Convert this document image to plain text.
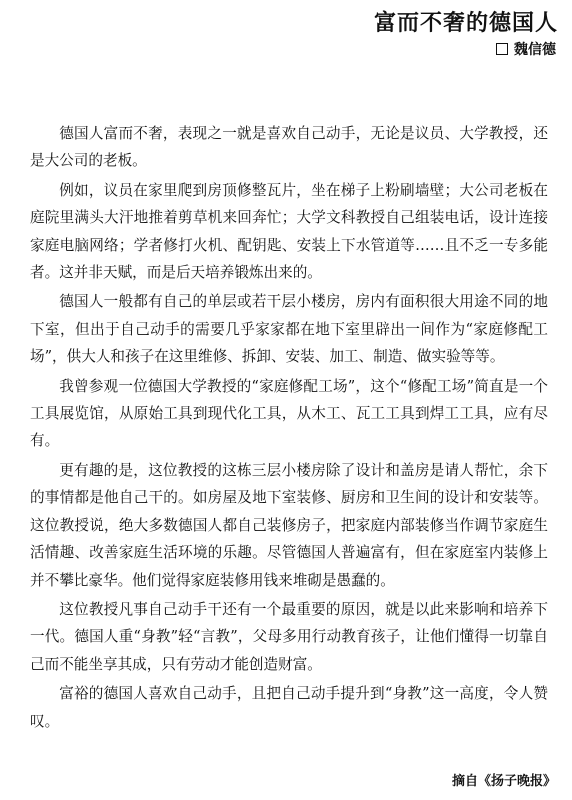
富而不奢的德国人
魏信德

德国人富而不奢，表现之一就是喜欢自己动手，无论是议员、大学教授，还是大公司的老板。

例如，议员在家里爬到房顶修整瓦片，坐在梯子上粉刷墙壁；大公司老板在庭院里满头大汗地推着剪草机来回奔忙；大学文科教授自己组装电话，设计连接家庭电脑网络；学者修打火机、配钥匙、安装上下水管道等……且不乏一专多能者。这并非天赋，而是后天培养锻炼出来的。

德国人一般都有自己的单层或若干层小楼房，房内有面积很大用途不同的地下室，但出于自己动手的需要几乎家家都在地下室里辟出一间作为“家庭修配工场”，供大人和孩子在这里维修、拆卸、安装、加工、制造、做实验等等。

我曾参观一位德国大学教授的“家庭修配工场”，这个“修配工场”简直是一个工具展览馆，从原始工具到现代化工具，从木工、瓦工工具到焊工工具，应有尽有。

更有趣的是，这位教授的这栋三层小楼房除了设计和盖房是请人帮忙，余下的事情都是他自己干的。如房屋及地下室装修、厨房和卫生间的设计和安装等。这位教授说，绝大多数德国人都自己装修房子，把家庭内部装修当作调节家庭生活情趣、改善家庭生活环境的乐趣。尽管德国人普遍富有，但在家庭室内装修上并不攀比豪华。他们觉得家庭装修用钱来堆砌是愚蠢的。

这位教授凡事自己动手干还有一个最重要的原因，就是以此来影响和培养下一代。德国人重“身教”轻“言教”，父母多用行动教育孩子，让他们懂得一切靠自己而不能坐享其成，只有劳动才能创造财富。

富裕的德国人喜欢自己动手，且把自己动手提升到“身教”这一高度，令人赞叹。

摘自《扬子晚报》
